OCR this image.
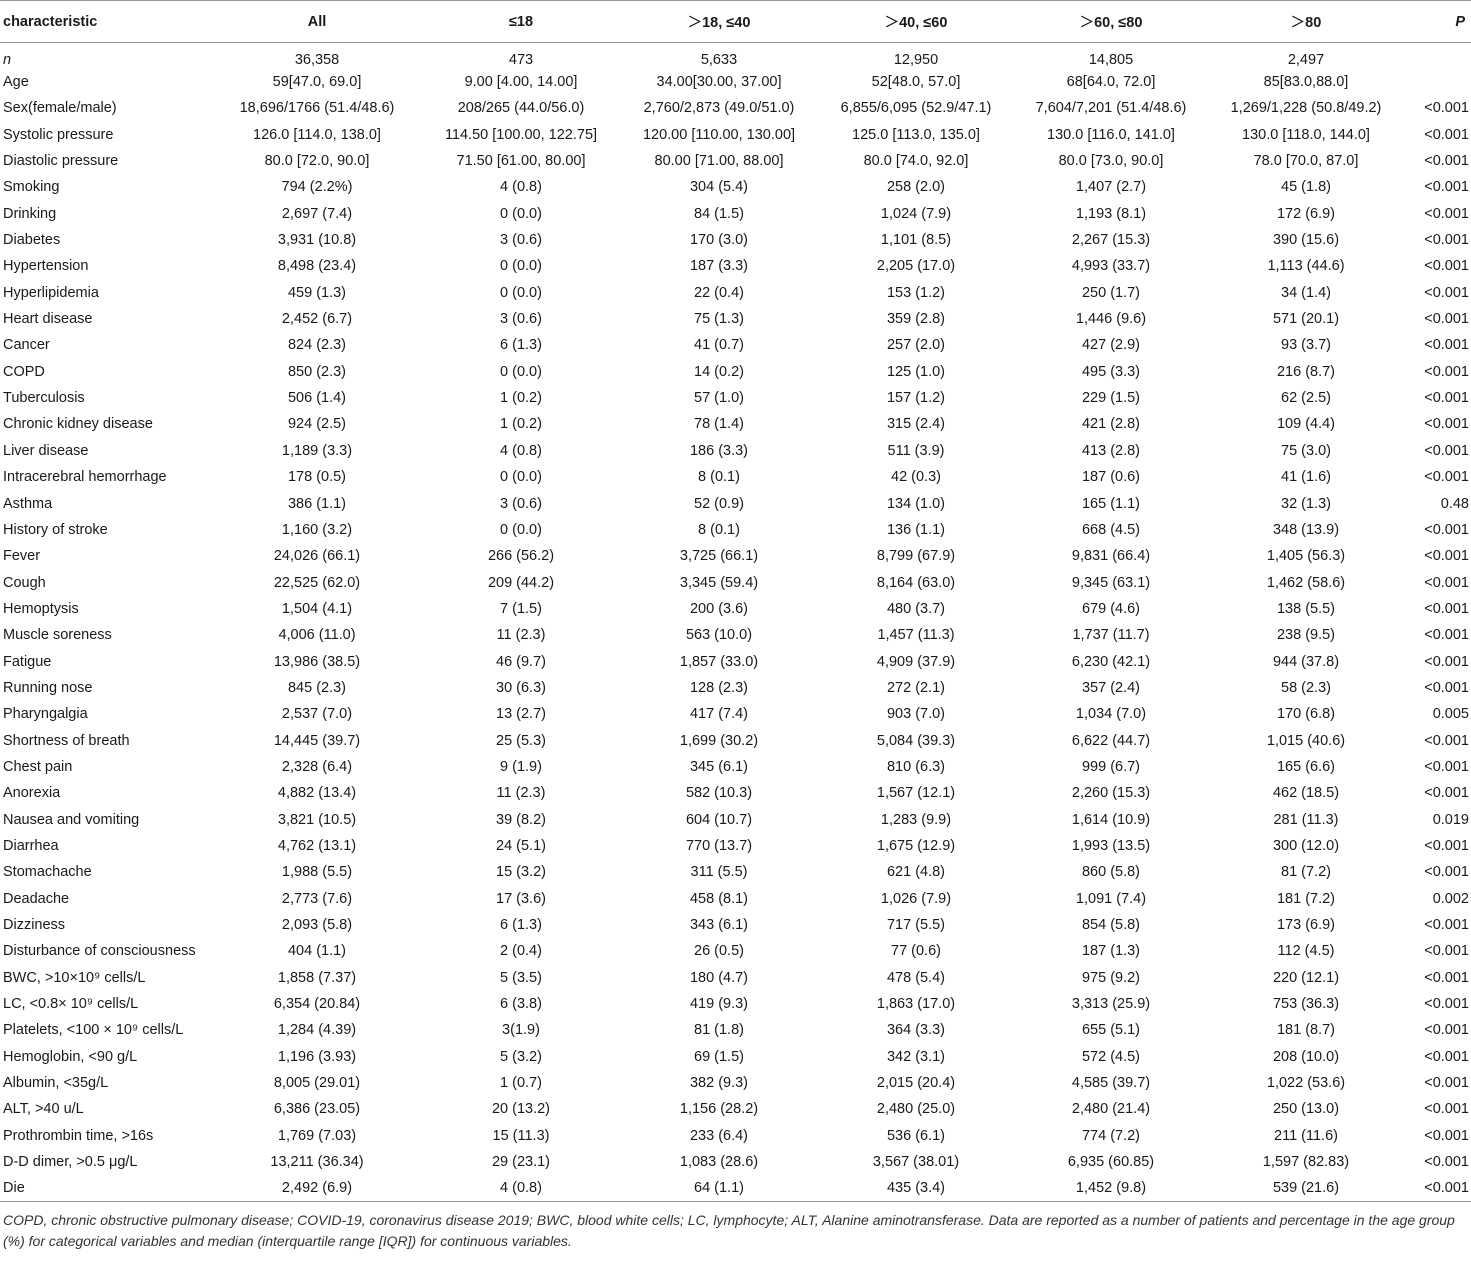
characteristic	All	≤18	＞18, ≤40	＞40, ≤60	＞60, ≤80	＞80	P
n	36,358	473	5,633	12,950	14,805	2,497	
Age	59[47.0, 69.0]	9.00 [4.00, 14.00]	34.00[30.00, 37.00]	52[48.0, 57.0]	68[64.0, 72.0]	85[83.0,88.0]	
Sex(female/male)	18,696/1766 (51.4/48.6)	208/265 (44.0/56.0)	2,760/2,873 (49.0/51.0)	6,855/6,095 (52.9/47.1)	7,604/7,201 (51.4/48.6)	1,269/1,228 (50.8/49.2)	<0.001
Systolic pressure	126.0 [114.0, 138.0]	114.50 [100.00, 122.75]	120.00 [110.00, 130.00]	125.0 [113.0, 135.0]	130.0 [116.0, 141.0]	130.0 [118.0, 144.0]	<0.001
Diastolic pressure	80.0 [72.0, 90.0]	71.50 [61.00, 80.00]	80.00 [71.00, 88.00]	80.0 [74.0, 92.0]	80.0 [73.0, 90.0]	78.0 [70.0, 87.0]	<0.001
Smoking	794 (2.2%)	4 (0.8)	304 (5.4)	258 (2.0)	1,407 (2.7)	45 (1.8)	<0.001
Drinking	2,697 (7.4)	0 (0.0)	84 (1.5)	1,024 (7.9)	1,193 (8.1)	172 (6.9)	<0.001
Diabetes	3,931 (10.8)	3 (0.6)	170 (3.0)	1,101 (8.5)	2,267 (15.3)	390 (15.6)	<0.001
Hypertension	8,498 (23.4)	0 (0.0)	187 (3.3)	2,205 (17.0)	4,993 (33.7)	1,113 (44.6)	<0.001
Hyperlipidemia	459 (1.3)	0 (0.0)	22 (0.4)	153 (1.2)	250 (1.7)	34 (1.4)	<0.001
Heart disease	2,452 (6.7)	3 (0.6)	75 (1.3)	359 (2.8)	1,446 (9.6)	571 (20.1)	<0.001
Cancer	824 (2.3)	6 (1.3)	41 (0.7)	257 (2.0)	427 (2.9)	93 (3.7)	<0.001
COPD	850 (2.3)	0 (0.0)	14 (0.2)	125 (1.0)	495 (3.3)	216 (8.7)	<0.001
Tuberculosis	506 (1.4)	1 (0.2)	57 (1.0)	157 (1.2)	229 (1.5)	62 (2.5)	<0.001
Chronic kidney disease	924 (2.5)	1 (0.2)	78 (1.4)	315 (2.4)	421 (2.8)	109 (4.4)	<0.001
Liver disease	1,189 (3.3)	4 (0.8)	186 (3.3)	511 (3.9)	413 (2.8)	75 (3.0)	<0.001
Intracerebral hemorrhage	178 (0.5)	0 (0.0)	8 (0.1)	42 (0.3)	187 (0.6)	41 (1.6)	<0.001
Asthma	386 (1.1)	3 (0.6)	52 (0.9)	134 (1.0)	165 (1.1)	32 (1.3)	0.48
History of stroke	1,160 (3.2)	0 (0.0)	8 (0.1)	136 (1.1)	668 (4.5)	348 (13.9)	<0.001
Fever	24,026 (66.1)	266 (56.2)	3,725 (66.1)	8,799 (67.9)	9,831 (66.4)	1,405 (56.3)	<0.001
Cough	22,525 (62.0)	209 (44.2)	3,345 (59.4)	8,164 (63.0)	9,345 (63.1)	1,462 (58.6)	<0.001
Hemoptysis	1,504 (4.1)	7 (1.5)	200 (3.6)	480 (3.7)	679 (4.6)	138 (5.5)	<0.001
Muscle soreness	4,006 (11.0)	11 (2.3)	563 (10.0)	1,457 (11.3)	1,737 (11.7)	238 (9.5)	<0.001
Fatigue	13,986 (38.5)	46 (9.7)	1,857 (33.0)	4,909 (37.9)	6,230 (42.1)	944 (37.8)	<0.001
Running nose	845 (2.3)	30 (6.3)	128 (2.3)	272 (2.1)	357 (2.4)	58 (2.3)	<0.001
Pharyngalgia	2,537 (7.0)	13 (2.7)	417 (7.4)	903 (7.0)	1,034 (7.0)	170 (6.8)	0.005
Shortness of breath	14,445 (39.7)	25 (5.3)	1,699 (30.2)	5,084 (39.3)	6,622 (44.7)	1,015 (40.6)	<0.001
Chest pain	2,328 (6.4)	9 (1.9)	345 (6.1)	810 (6.3)	999 (6.7)	165 (6.6)	<0.001
Anorexia	4,882 (13.4)	11 (2.3)	582 (10.3)	1,567 (12.1)	2,260 (15.3)	462 (18.5)	<0.001
Nausea and vomiting	3,821 (10.5)	39 (8.2)	604 (10.7)	1,283 (9.9)	1,614 (10.9)	281 (11.3)	0.019
Diarrhea	4,762 (13.1)	24 (5.1)	770 (13.7)	1,675 (12.9)	1,993 (13.5)	300 (12.0)	<0.001
Stomachache	1,988 (5.5)	15 (3.2)	311 (5.5)	621 (4.8)	860 (5.8)	81 (7.2)	<0.001
Deadache	2,773 (7.6)	17 (3.6)	458 (8.1)	1,026 (7.9)	1,091 (7.4)	181 (7.2)	0.002
Dizziness	2,093 (5.8)	6 (1.3)	343 (6.1)	717 (5.5)	854 (5.8)	173 (6.9)	<0.001
Disturbance of consciousness	404 (1.1)	2 (0.4)	26 (0.5)	77 (0.6)	187 (1.3)	112 (4.5)	<0.001
BWC, >10×10⁹ cells/L	1,858 (7.37)	5 (3.5)	180 (4.7)	478 (5.4)	975 (9.2)	220 (12.1)	<0.001
LC, <0.8× 10⁹ cells/L	6,354 (20.84)	6 (3.8)	419 (9.3)	1,863 (17.0)	3,313 (25.9)	753 (36.3)	<0.001
Platelets, <100 × 10⁹ cells/L	1,284 (4.39)	3(1.9)	81 (1.8)	364 (3.3)	655 (5.1)	181 (8.7)	<0.001
Hemoglobin, <90 g/L	1,196 (3.93)	5 (3.2)	69 (1.5)	342 (3.1)	572 (4.5)	208 (10.0)	<0.001
Albumin, <35g/L	8,005 (29.01)	1 (0.7)	382 (9.3)	2,015 (20.4)	4,585 (39.7)	1,022 (53.6)	<0.001
ALT, >40 u/L	6,386 (23.05)	20 (13.2)	1,156 (28.2)	2,480 (25.0)	2,480 (21.4)	250 (13.0)	<0.001
Prothrombin time, >16s	1,769 (7.03)	15 (11.3)	233 (6.4)	536 (6.1)	774 (7.2)	211 (11.6)	<0.001
D-D dimer, >0.5 μg/L	13,211 (36.34)	29 (23.1)	1,083 (28.6)	3,567 (38.01)	6,935 (60.85)	1,597 (82.83)	<0.001
Die	2,492 (6.9)	4 (0.8)	64 (1.1)	435 (3.4)	1,452 (9.8)	539 (21.6)	<0.001
COPD, chronic obstructive pulmonary disease; COVID-19, coronavirus disease 2019; BWC, blood white cells; LC, lymphocyte; ALT, Alanine aminotransferase. Data are reported as a number of patients and percentage in the age group (%) for categorical variables and median (interquartile range [IQR]) for continuous variables.
